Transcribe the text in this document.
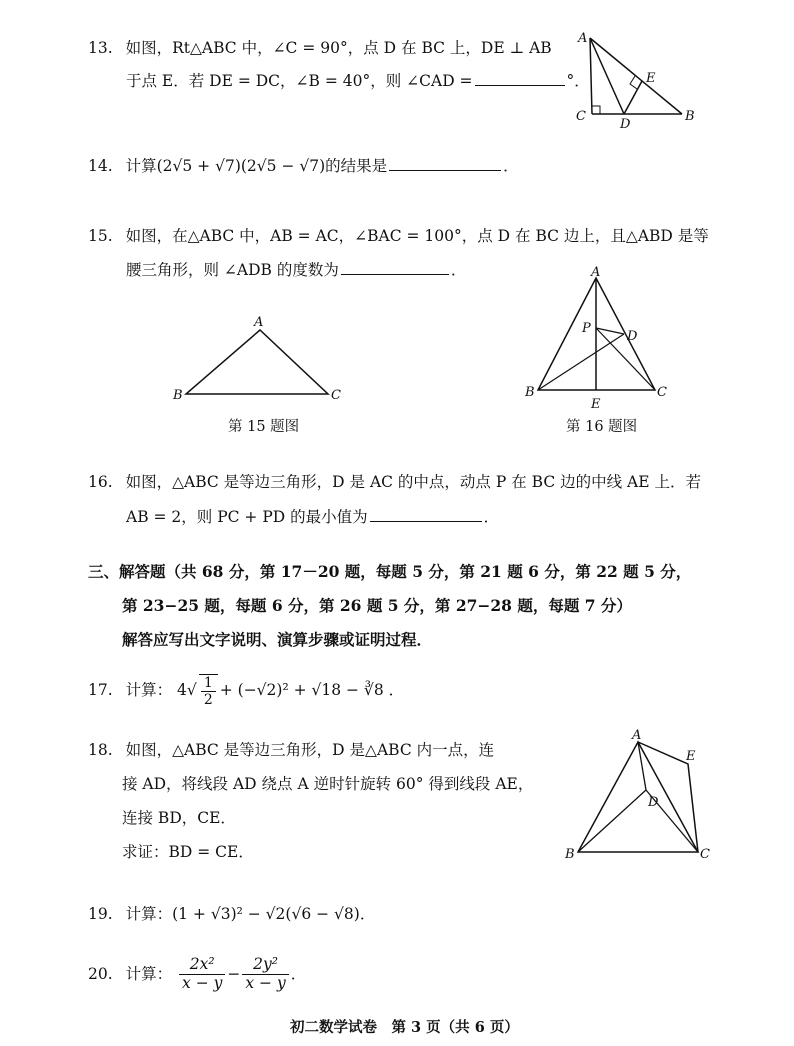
13. 如图，Rt△ABC 中，∠C = 90°，点 D 在 BC 上，DE ⊥ AB
于点 E．若 DE = DC，∠B = 40°，则 ∠CAD =	°．
A
C
D
E
B
14. 计算(2√5 + √7)(2√5 − √7)的结果是	．
15. 如图，在△ABC 中，AB = AC，∠BAC = 100°，点 D 在 BC 边上，且△ABD 是等
腰三角形，则 ∠ADB 的度数为	．
A
B	C
第 15 题图
A
P
D
B
E
C
第 16 题图
16. 如图，△ABC 是等边三角形，D 是 AC 的中点，动点 P 在 BC 边的中线 AE 上．若
AB = 2，则 PC + PD 的最小值为	．
三、解答题（共 68 分，第 17－20 题，每题 5 分，第 21 题 6 分，第 22 题 5 分，
第 23−25 题，每题 6 分，第 26 题 5 分，第 27−28 题，每题 7 分）
解答应写出文字说明、演算步骤或证明过程．
17. 计算： $4√ \frac{1}{2} + (-√2)^2 + √18$ − ∛8 ．
18. 如图，△ABC 是等边三角形，D 是△ABC 内一点，连
接 AD，将线段 AD 绕点 A 逆时针旋转 60° 得到线段 AE，
连接 BD，CE．
求证：BD = CE．
A
E
D
B	C
19. 计算：(1 + √3)² − √2(√6 − √8)．
20. 计算： $\frac{\text{2x²}}{x - y} - \frac{\text{2y²}}{x - y}$ ．
初二数学试卷　第 3 页（共 6 页）
